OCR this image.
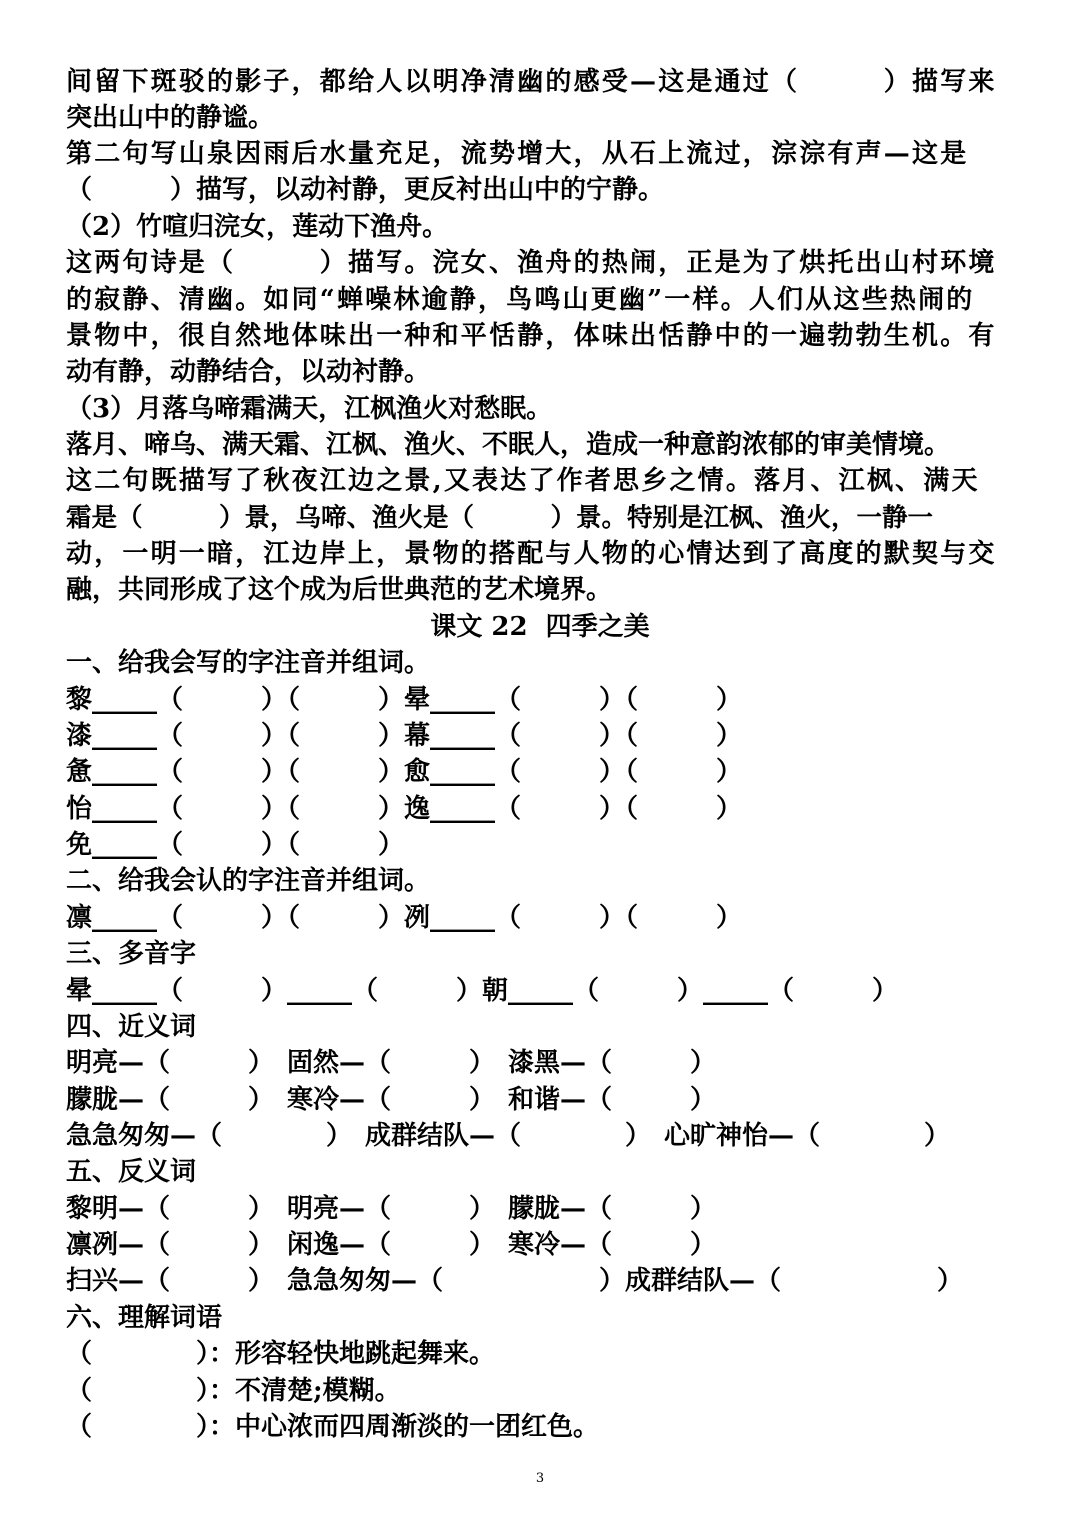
间留下斑驳的影子，都给人以明净清幽的感受—这是通过（　　　）描写来
突出山中的静谧。
第二句写山泉因雨后水量充足，流势增大，从石上流过，淙淙有声—这是
（　　　）描写，以动衬静，更反衬出山中的宁静。
（2）竹喧归浣女，莲动下渔舟。
这两句诗是（　　　）描写。浣女、渔舟的热闹，正是为了烘托出山村环境
的寂静、清幽。如同“蝉噪林逾静，鸟鸣山更幽”一样。人们从这些热闹的
景物中，很自然地体味出一种和平恬静，体味出恬静中的一遍勃勃生机。有
动有静，动静结合，以动衬静。
（3）月落乌啼霜满天，江枫渔火对愁眠。
落月、啼乌、满天霜、江枫、渔火、不眠人，造成一种意韵浓郁的审美情境。
这二句既描写了秋夜江边之景,又表达了作者思乡之情。落月、江枫、满天
霜是（　　　）景，乌啼、渔火是（　　　）景。特别是江枫、渔火，一静一
动，一明一暗，江边岸上，景物的搭配与人物的心情达到了高度的默契与交
融，共同形成了这个成为后世典范的艺术境界。
课文 22  四季之美
一、给我会写的字注音并组词。
黎_____（　　　）（　　　）晕_____（　　　）（　　　）
漆_____（　　　）（　　　）幕_____（　　　）（　　　）
惫_____（　　　）（　　　）愈_____（　　　）（　　　）
怡_____（　　　）（　　　）逸_____（　　　）（　　　）
免_____（　　　）（　　　）
二、给我会认的字注音并组词。
凛_____（　　　）（　　　）冽_____（　　　）（　　　）
三、多音字
晕_____（　　　）_____（　　　）朝_____（　　　）_____（　　　）
四、近义词
明亮—（　　　）　固然—（　　　）　漆黑—（　　　）
朦胧—（　　　）　寒冷—（　　　）　和谐—（　　　）
急急匆匆—（　　　　）　成群结队—（　　　　）　心旷神怡—（　　　　）
五、反义词
黎明—（　　　）　明亮—（　　　）　朦胧—（　　　）
凛冽—（　　　）　闲逸—（　　　）　寒冷—（　　　）
扫兴—（　　　）　急急匆匆—（　　　　　　）成群结队—（　　　　　　）
六、理解词语
（　　　　）：形容轻快地跳起舞来。
（　　　　）：不清楚;模糊。
（　　　　）：中心浓而四周渐淡的一团红色。
3
